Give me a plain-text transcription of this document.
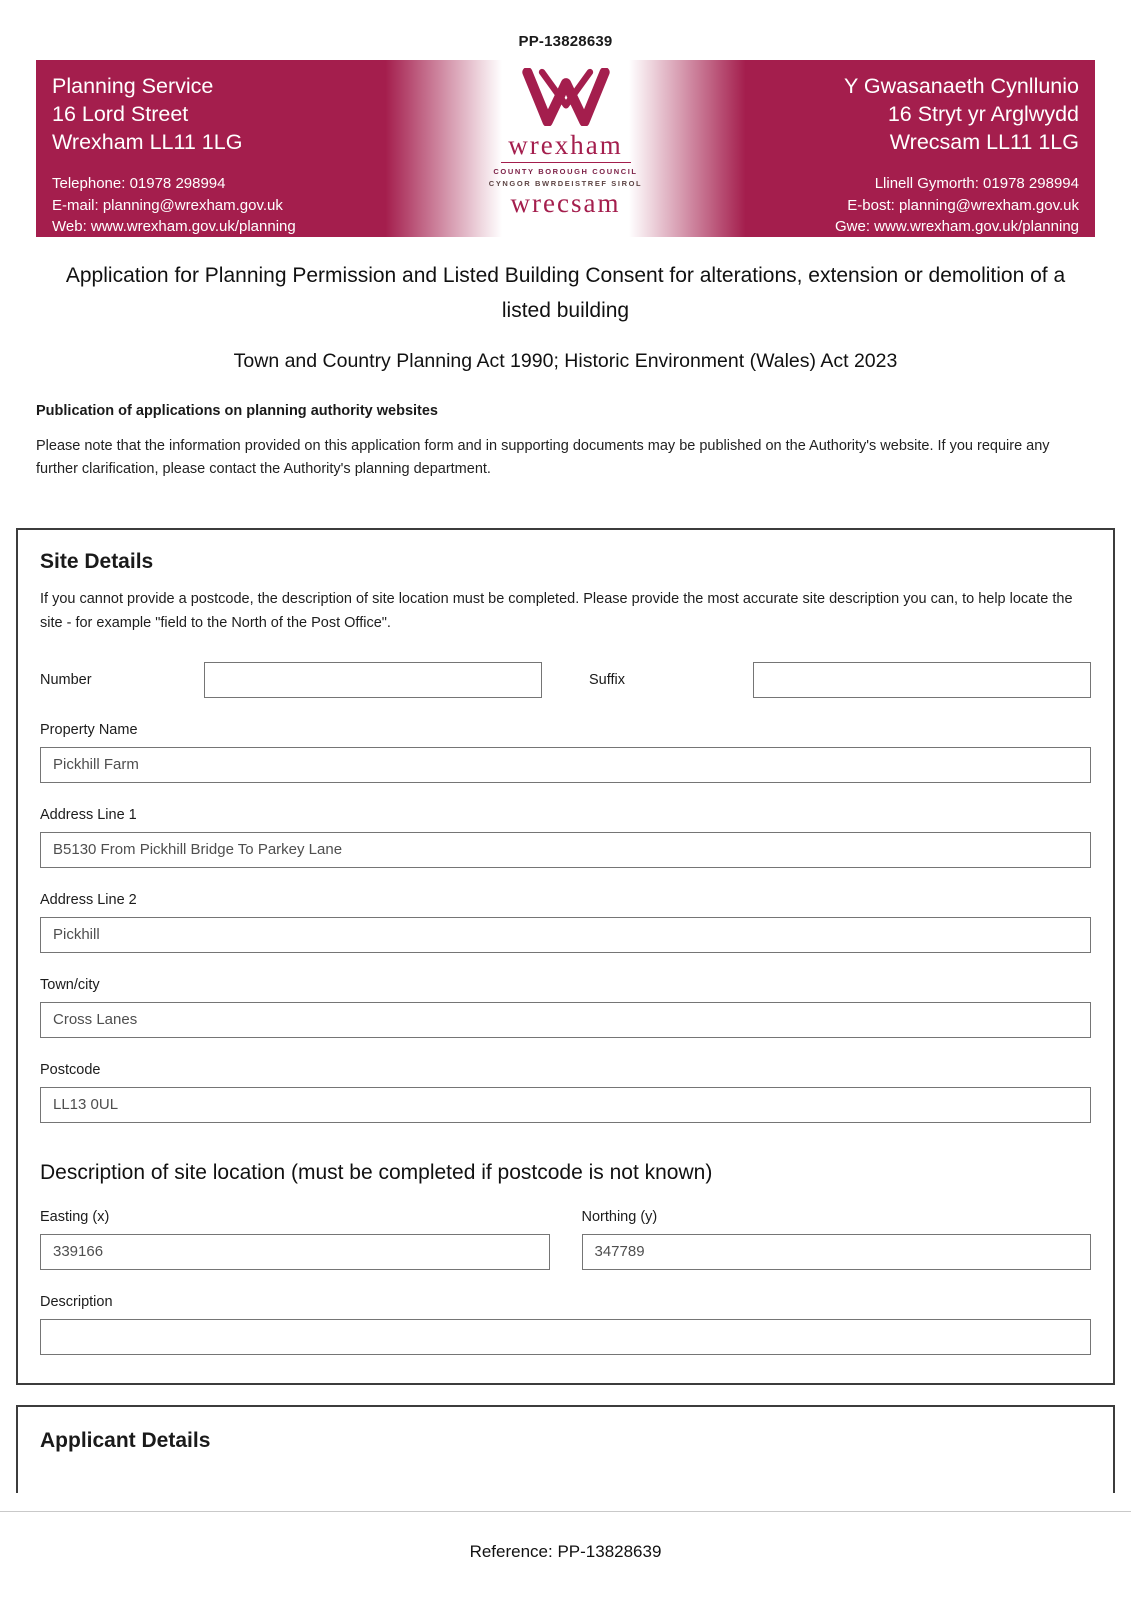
PP-13828639
Planning Service
16 Lord Street
Wrexham LL11 1LG
Telephone: 01978 298994
E-mail: planning@wrexham.gov.uk
Web: www.wrexham.gov.uk/planning
wrexham
COUNTY BOROUGH COUNCIL
CYNGOR BWRDEISTREF SIROL
wrecsam
Y Gwasanaeth Cynllunio
16 Stryt yr Arglwydd
Wrecsam LL11 1LG
Llinell Gymorth: 01978 298994
E-bost: planning@wrexham.gov.uk
Gwe: www.wrexham.gov.uk/planning
Application for Planning Permission and Listed Building Consent for alterations, extension or demolition of a listed building
Town and Country Planning Act 1990; Historic Environment (Wales) Act 2023
Publication of applications on planning authority websites
Please note that the information provided on this application form and in supporting documents may be published on the Authority's website. If you require any further clarification, please contact the Authority's planning department.
Site Details
If you cannot provide a postcode, the description of site location must be completed. Please provide the most accurate site description you can, to help locate the site - for example "field to the North of the Post Office".
Number	Suffix
Property Name
Pickhill Farm
Address Line 1
B5130 From Pickhill Bridge To Parkey Lane
Address Line 2
Pickhill
Town/city
Cross Lanes
Postcode
LL13 0UL
Description of site location (must be completed if postcode is not known)
Easting (x)
339166	Northing (y)
347789
Description
Applicant Details
Reference: PP-13828639
